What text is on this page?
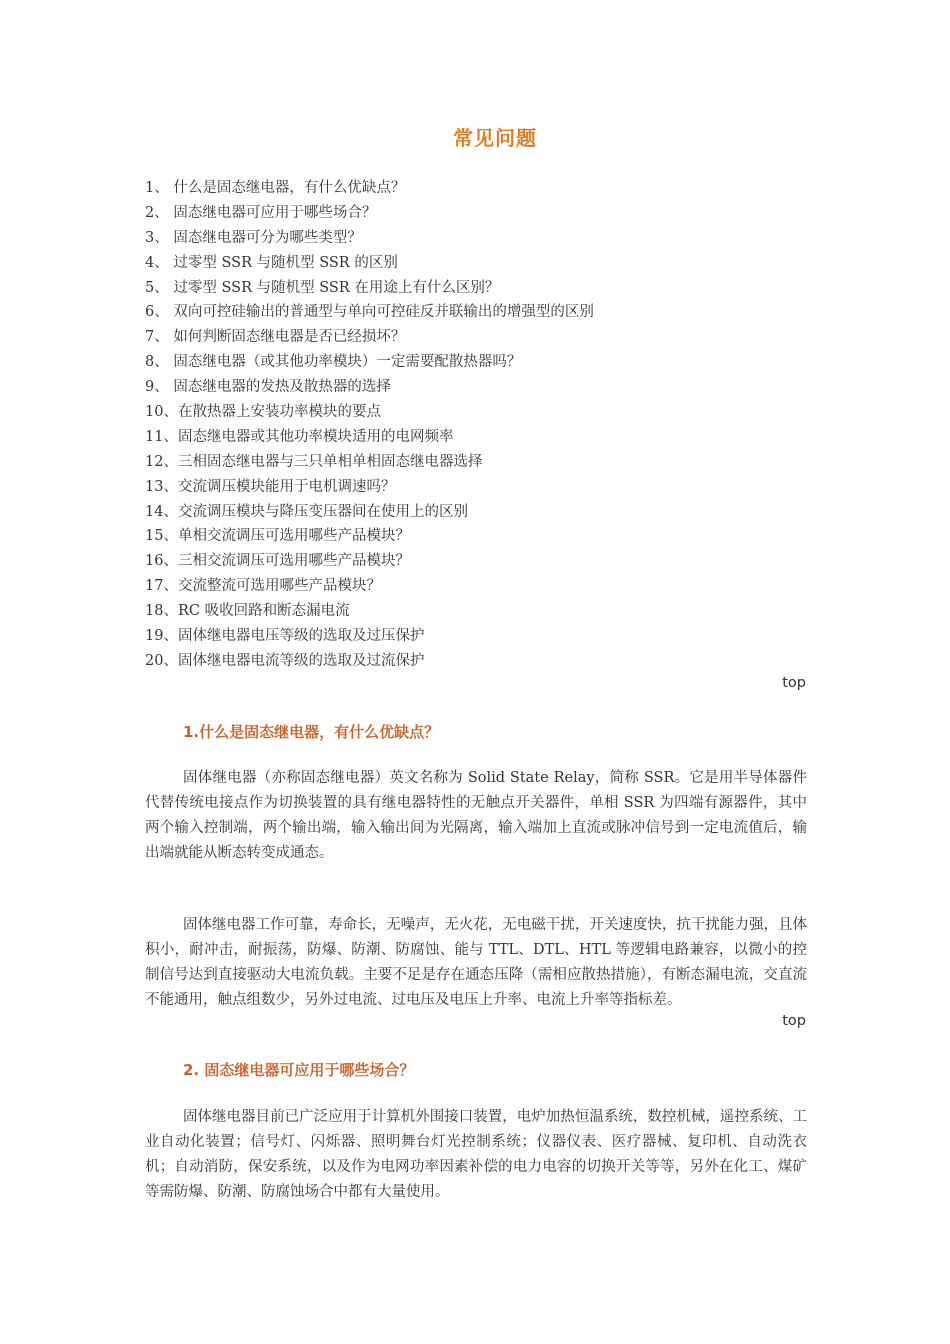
常见问题
1、 什么是固态继电器，有什么优缺点？
2、 固态继电器可应用于哪些场合？
3、 固态继电器可分为哪些类型？
4、 过零型 SSR 与随机型 SSR 的区别
5、 过零型 SSR 与随机型 SSR 在用途上有什么区别？
6、 双向可控硅输出的普通型与单向可控硅反并联输出的增强型的区别
7、 如何判断固态继电器是否已经损坏？
8、 固态继电器（或其他功率模块）一定需要配散热器吗？
9、 固态继电器的发热及散热器的选择
10、在散热器上安装功率模块的要点
11、固态继电器或其他功率模块适用的电网频率
12、三相固态继电器与三只单相单相固态继电器选择
13、交流调压模块能用于电机调速吗？
14、交流调压模块与降压变压器间在使用上的区别
15、单相交流调压可选用哪些产品模块？
16、三相交流调压可选用哪些产品模块？
17、交流整流可选用哪些产品模块？
18、RC 吸收回路和断态漏电流
19、固体继电器电压等级的选取及过压保护
20、固体继电器电流等级的选取及过流保护
top
1.什么是固态继电器，有什么优缺点？

固体继电器（亦称固态继电器）英文名称为 Solid State Relay，简称 SSR。它是用半导体器件代替传统电接点作为切换装置的具有继电器特性的无触点开关器件，单相 SSR 为四端有源器件，其中两个输入控制端，两个输出端，输入输出间为光隔离，输入端加上直流或脉冲信号到一定电流值后，输出端就能从断态转变成通态。

固体继电器工作可靠，寿命长，无噪声，无火花，无电磁干扰，开关速度快，抗干扰能力强，且体积小，耐冲击，耐振荡，防爆、防潮、防腐蚀、能与 TTL、DTL、HTL 等逻辑电路兼容，以微小的控制信号达到直接驱动大电流负载。主要不足是存在通态压降（需相应散热措施），有断态漏电流，交直流不能通用，触点组数少，另外过电流、过电压及电压上升率、电流上升率等指标差。

top
2. 固态继电器可应用于哪些场合？

固体继电器目前已广泛应用于计算机外围接口装置，电炉加热恒温系统，数控机械，遥控系统、工业自动化装置；信号灯、闪烁器、照明舞台灯光控制系统；仪器仪表、医疗器械、复印机、自动洗衣机；自动消防，保安系统，以及作为电网功率因素补偿的电力电容的切换开关等等，另外在化工、煤矿等需防爆、防潮、防腐蚀场合中都有大量使用。
